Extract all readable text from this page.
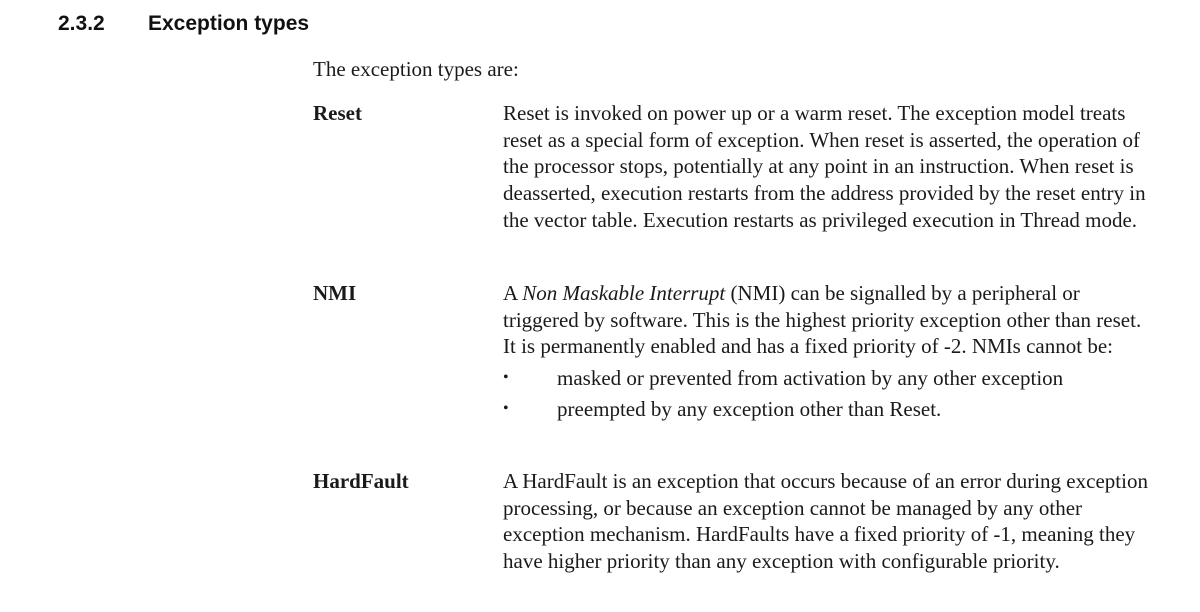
2.3.2 Exception types

The exception types are:

Reset	Reset is invoked on power up or a warm reset. The exception model treats reset as a special form of exception. When reset is asserted, the operation of the processor stops, potentially at any point in an instruction. When reset is deasserted, execution restarts from the address provided by the reset entry in the vector table. Execution restarts as privileged execution in Thread mode.

NMI	A Non Maskable Interrupt (NMI) can be signalled by a peripheral or triggered by software. This is the highest priority exception other than reset. It is permanently enabled and has a fixed priority of -2. NMIs cannot be:

•	masked or prevented from activation by any other exception
•	preempted by any exception other than Reset.
HardFault	A HardFault is an exception that occurs because of an error during exception processing, or because an exception cannot be managed by any other exception mechanism. HardFaults have a fixed priority of -1, meaning they have higher priority than any exception with configurable priority.
